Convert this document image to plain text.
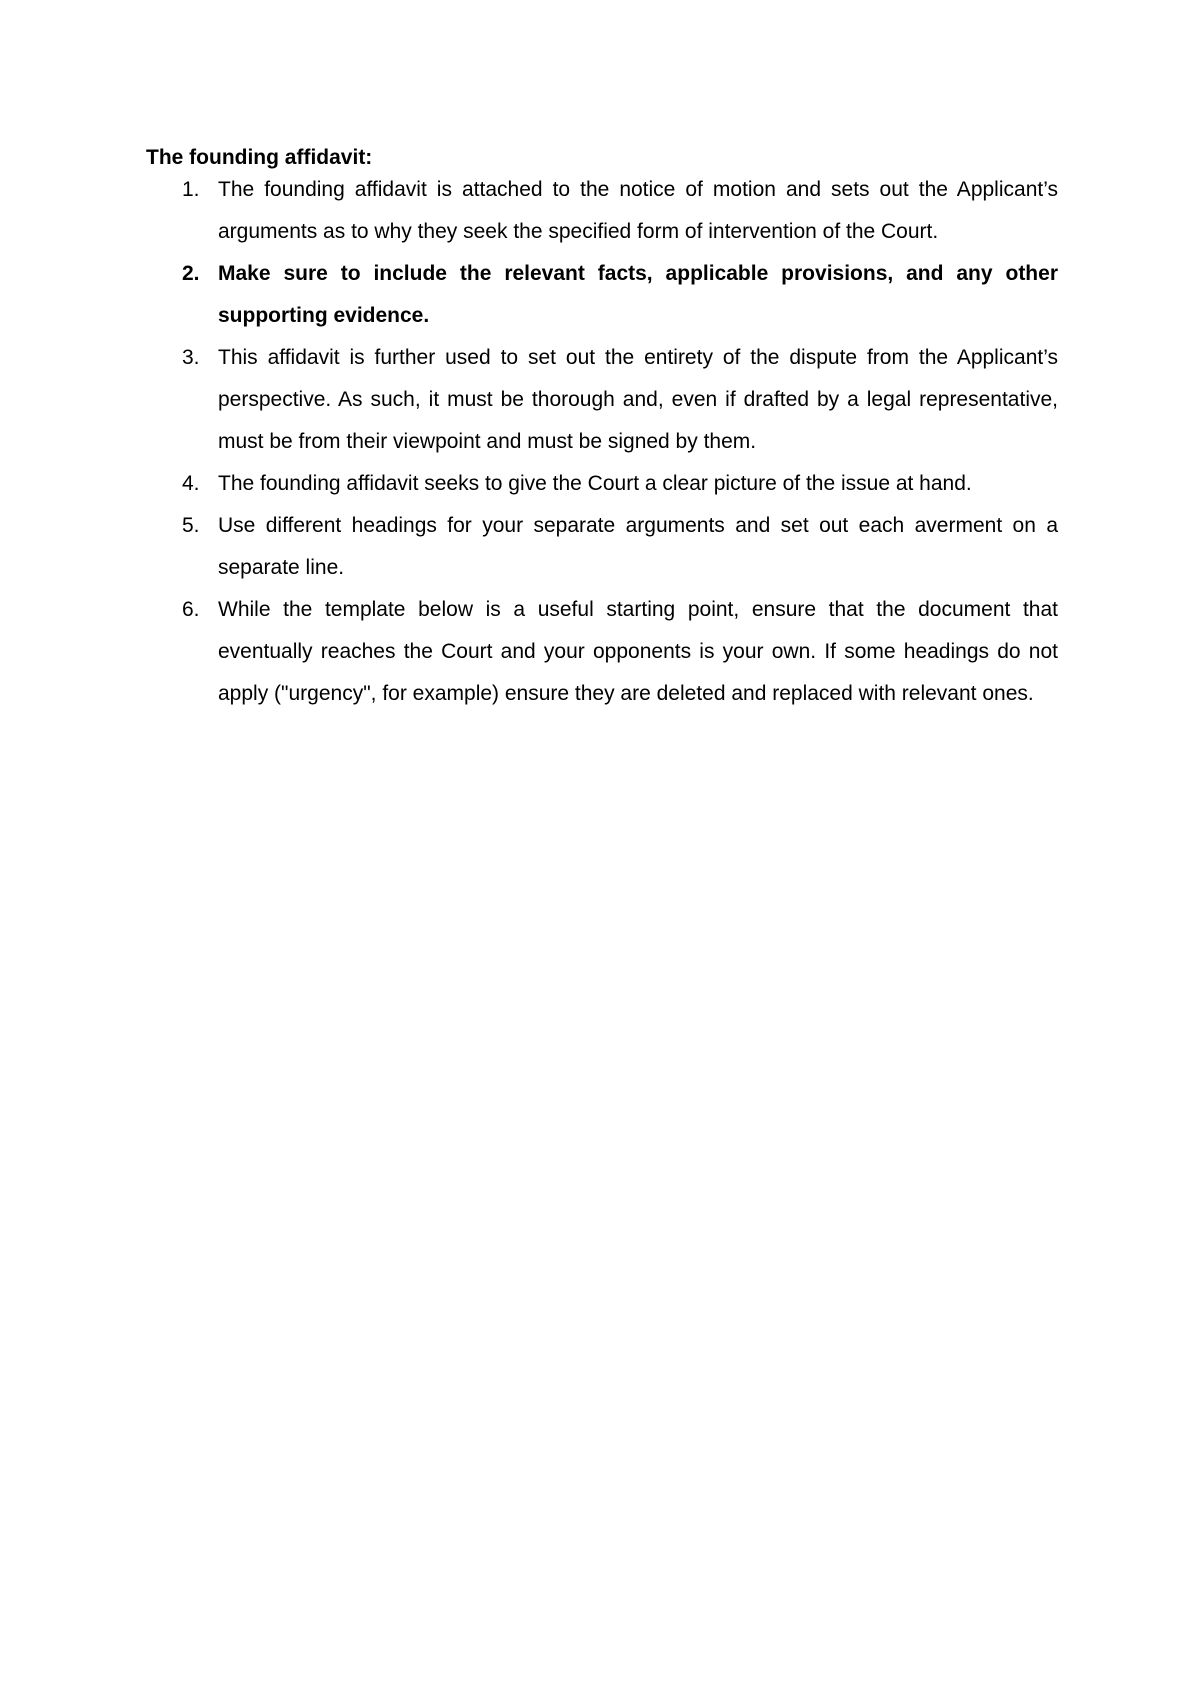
The founding affidavit:

1. The founding affidavit is attached to the notice of motion and sets out the Applicant’s arguments as to why they seek the specified form of intervention of the Court.
2. Make sure to include the relevant facts, applicable provisions, and any other supporting evidence.
3. This affidavit is further used to set out the entirety of the dispute from the Applicant’s perspective. As such, it must be thorough and, even if drafted by a legal representative, must be from their viewpoint and must be signed by them.
4. The founding affidavit seeks to give the Court a clear picture of the issue at hand.
5. Use different headings for your separate arguments and set out each averment on a separate line.
6. While the template below is a useful starting point, ensure that the document that eventually reaches the Court and your opponents is your own. If some headings do not apply ("urgency", for example) ensure they are deleted and replaced with relevant ones.
